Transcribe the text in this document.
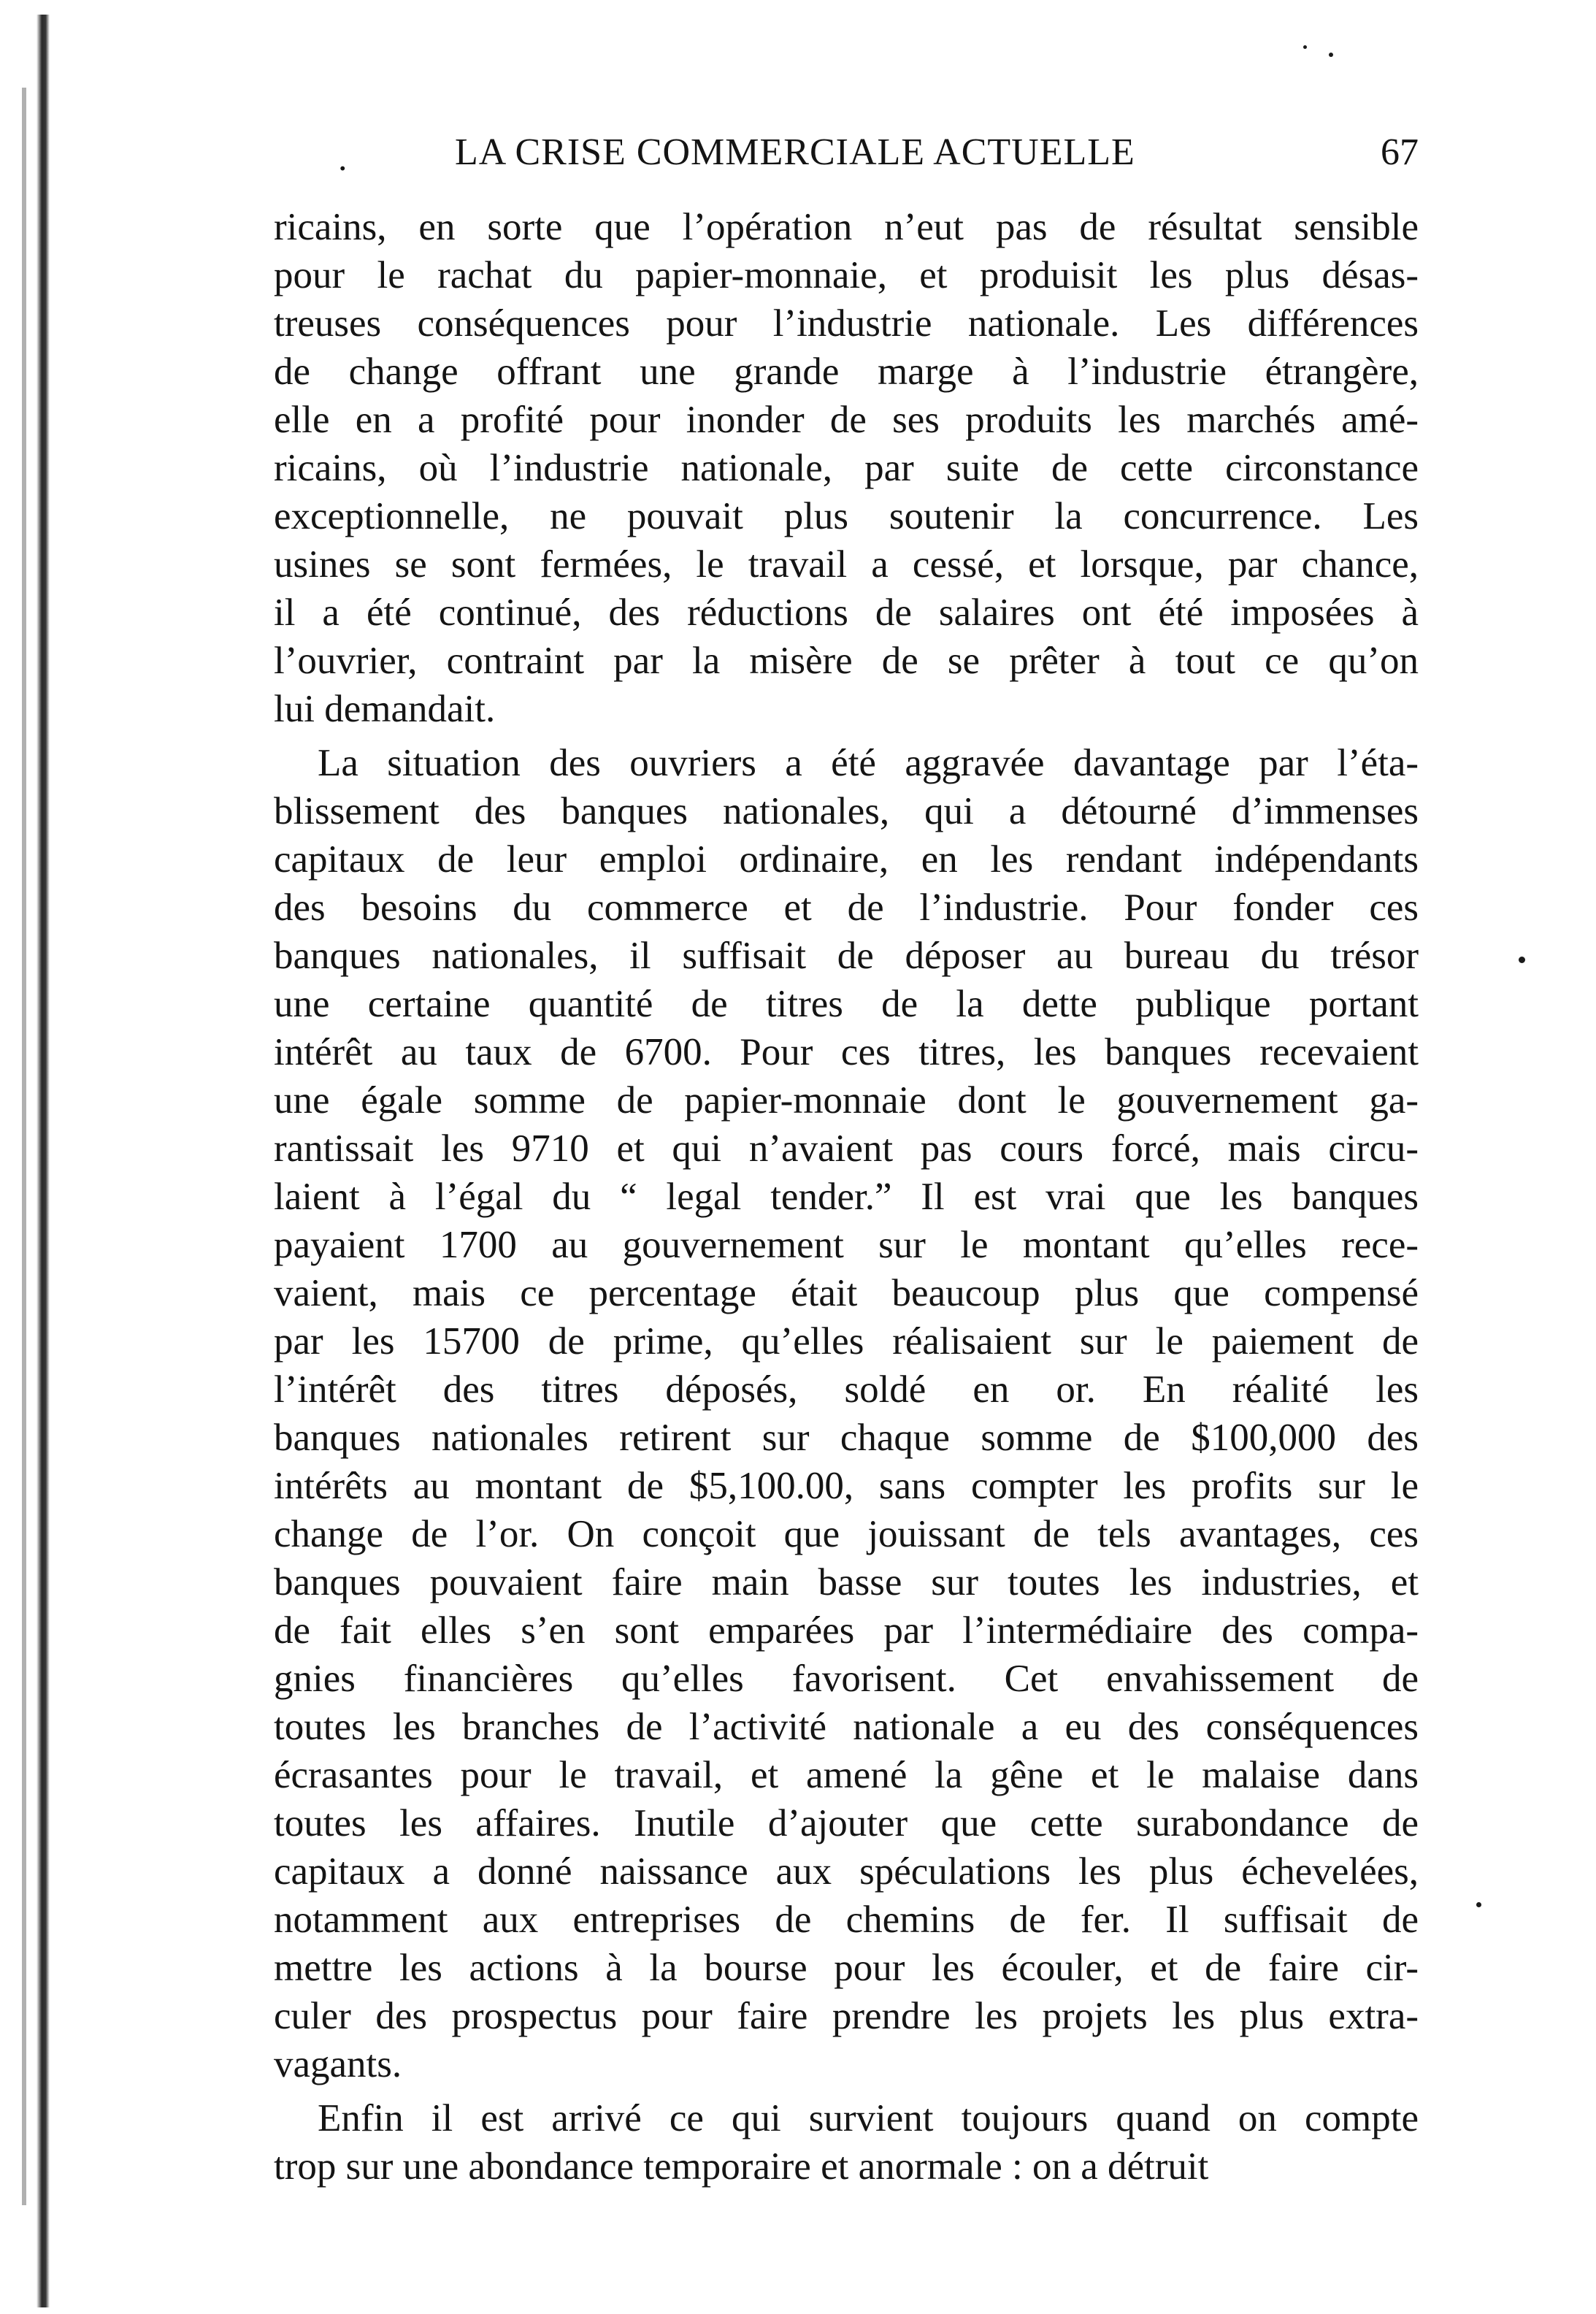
.	LA CRISE COMMERCIALE ACTUELLE	67
ricains, en sorte que l’opération n’eut pas de résultat sensible
pour le rachat du papier-monnaie, et produisit les plus désas-
treuses conséquences pour l’industrie nationale. Les différences
de change offrant une grande marge à l’industrie étrangère,
elle en a profité pour inonder de ses produits les marchés amé-
ricains, où l’industrie nationale, par suite de cette circonstance
exceptionnelle, ne pouvait plus soutenir la concurrence. Les
usines se sont fermées, le travail a cessé, et lorsque, par chance,
il a été continué, des réductions de salaires ont été imposées à
l’ouvrier, contraint par la misère de se prêter à tout ce qu’on
lui demandait.
La situation des ouvriers a été aggravée davantage par l’éta-
blissement des banques nationales, qui a détourné d’immenses
capitaux de leur emploi ordinaire, en les rendant indépendants
des besoins du commerce et de l’industrie. Pour fonder ces
banques nationales, il suffisait de déposer au bureau du trésor
une certaine quantité de titres de la dette publique portant
intérêt au taux de 6700. Pour ces titres, les banques recevaient
une égale somme de papier-monnaie dont le gouvernement ga-
rantissait les 9710 et qui n’avaient pas cours forcé, mais circu-
laient à l’égal du “ legal tender.” Il est vrai que les banques
payaient 1700 au gouvernement sur le montant qu’elles rece-
vaient, mais ce percentage était beaucoup plus que compensé
par les 15700 de prime, qu’elles réalisaient sur le paiement de
l’intérêt des titres déposés, soldé en or. En réalité les
banques nationales retirent sur chaque somme de $100,000 des
intérêts au montant de $5,100.00, sans compter les profits sur le
change de l’or. On conçoit que jouissant de tels avantages, ces
banques pouvaient faire main basse sur toutes les industries, et
de fait elles s’en sont emparées par l’intermédiaire des compa-
gnies financières qu’elles favorisent. Cet envahissement de
toutes les branches de l’activité nationale a eu des conséquences
écrasantes pour le travail, et amené la gêne et le malaise dans
toutes les affaires. Inutile d’ajouter que cette surabondance de
capitaux a donné naissance aux spéculations les plus échevelées,
notamment aux entreprises de chemins de fer. Il suffisait de
mettre les actions à la bourse pour les écouler, et de faire cir-
culer des prospectus pour faire prendre les projets les plus extra-
vagants.
Enfin il est arrivé ce qui survient toujours quand on compte
trop sur une abondance temporaire et anormale : on a détruit
